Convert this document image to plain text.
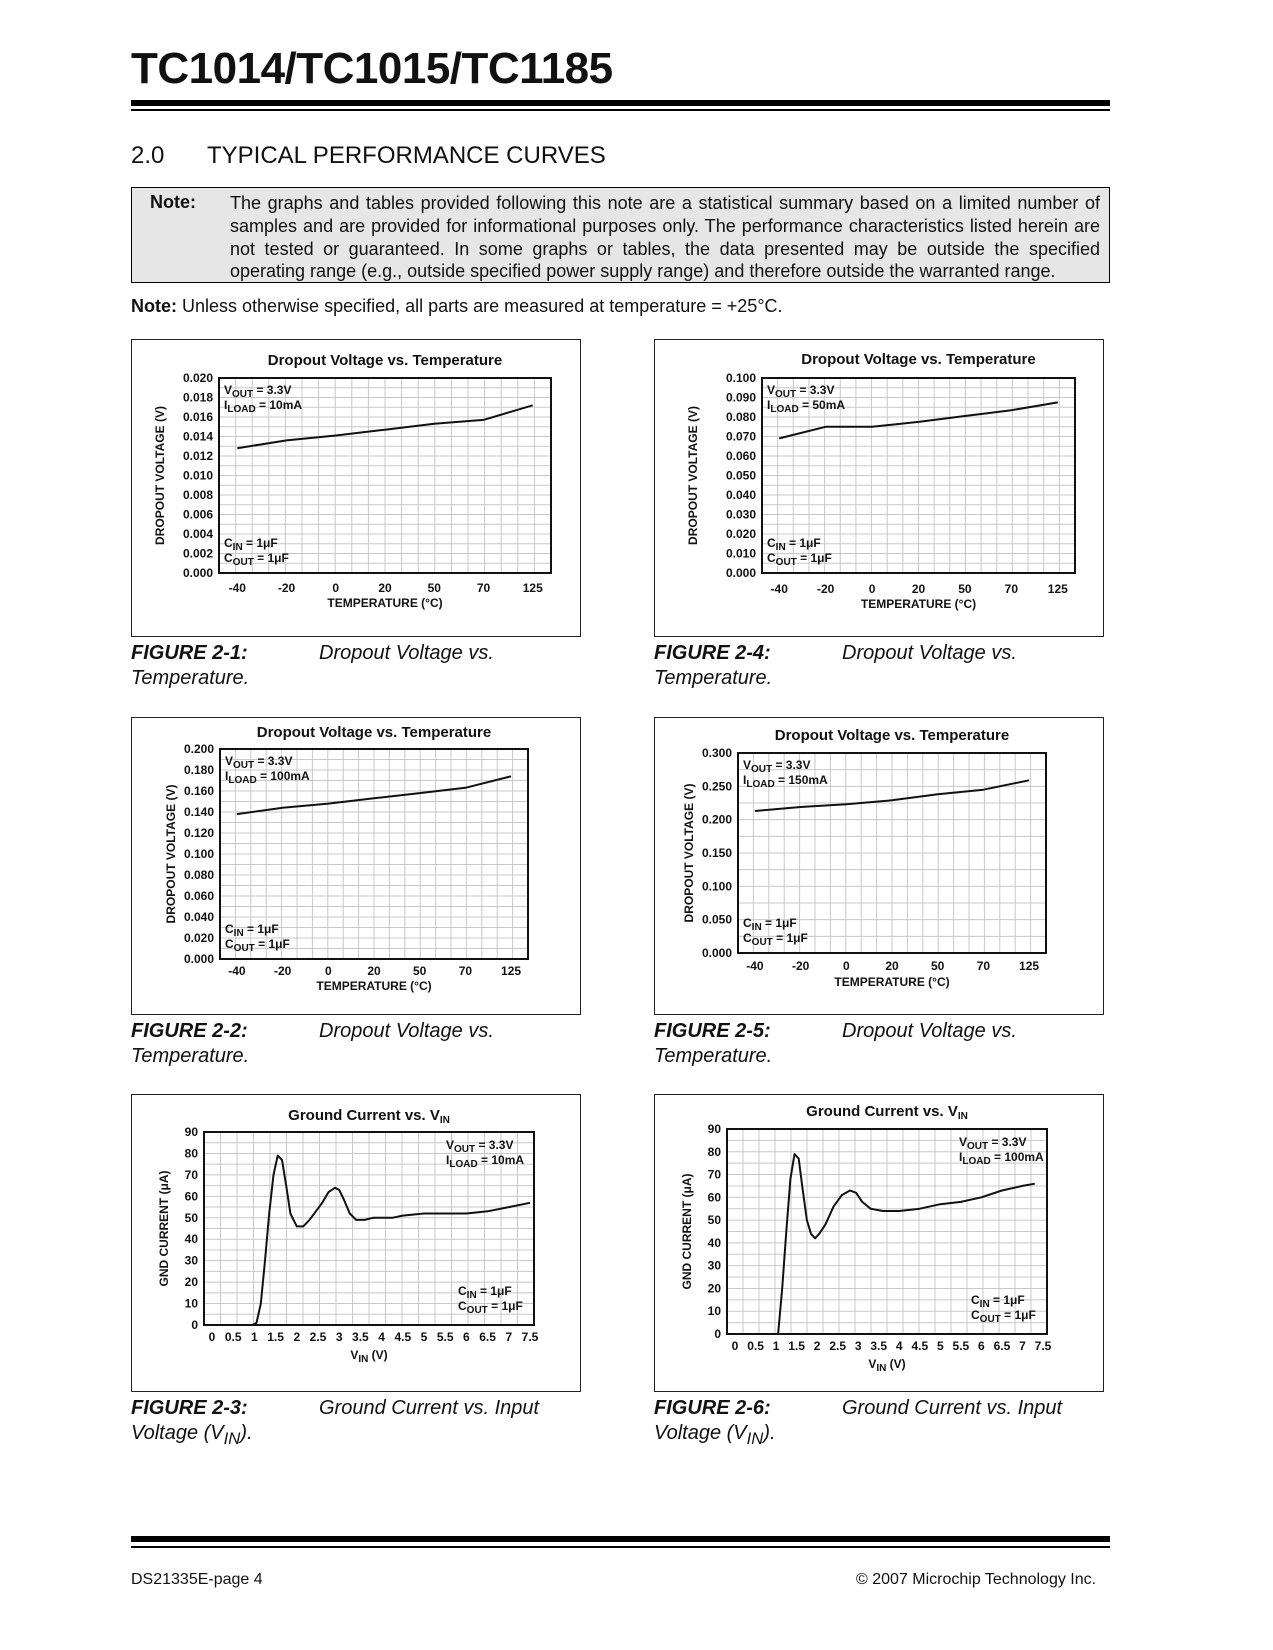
TC1014/TC1015/TC1185
2.0 TYPICAL PERFORMANCE CURVES
Note: The graphs and tables provided following this note are a statistical summary based on a limited number of samples and are provided for informational purposes only. The performance characteristics listed herein are not tested or guaranteed. In some graphs or tables, the data presented may be outside the specified operating range (e.g., outside specified power supply range) and therefore outside the warranted range.
Note: Unless otherwise specified, all parts are measured at temperature = +25°C.
Dropout Voltage vs. Temperature
0.000
0.002
0.004
0.006
0.008
0.010
0.012
0.014
0.016
0.018
0.020
DROPOUT VOLTAGE (V)
-40	-20	0	20	50	70	125
TEMPERATURE (°C)
$V_{OUT} = 3.3V$
$I_{LOAD} = 10mA$
$C_{IN} = 1\mu F$
$C_{OUT} = 1\mu F$
Dropout Voltage vs. Temperature
0.000
0.010
0.020
0.030
0.040
0.050
0.060
0.070
0.080
0.090
0.100
DROPOUT VOLTAGE (V)
-40 -20	0	20	50	70 125
TEMPERATURE (°C)
$V_{OUT} = 3.3V$
$I_{LOAD} = 50mA$
$C_{IN} = 1\mu F$
$C_{OUT} = 1\mu F$
Dropout Voltage vs. Temperature
0.000
0.020
0.040
0.060
0.080
0.100
0.120
0.140
0.160
0.180
0.200
DROPOUT VOLTAGE (V)
-40 -20	0	20	50	70 125
TEMPERATURE (°C)
$V_{OUT} = 3.3V$
$I_{LOAD} = 100mA$
$C_{IN} = 1\mu F$
$C_{OUT} = 1\mu F$
Dropout Voltage vs. Temperature
0.000
0.050
0.100
0.150
0.200
0.250
0.300
DROPOUT VOLTAGE (V)
-40 -20	0	20	50	70 125
TEMPERATURE (°C)
$V_{OUT} = 3.3V$
$I_{LOAD} = 150mA$
$C_{IN} = 1\mu F$
$C_{OUT} = 1\mu F$
Ground Current vs. $V_{IN}$
0
10
20
30
40
50
60
70
80
90
GND CURRENT (μA)
0 0.5 1 1.5 2 2.5 3 3.5 4 4.5 5 5.5 6 6.5 7 7.5
$V_{IN}$ (V)
$V_{OUT} = 3.3V$
$I_{LOAD} = 10mA$
$C_{IN} = 1\mu F$
$C_{OUT} = 1\mu F$
Ground Current vs. $V_{IN}$
0
10
20
30
40
50
60
70
80
90
GND CURRENT (μA)
0 0.5 1 1.5 2 2.5 3 3.5 4 4.5 5 5.5 6 6.5 7 7.5
$V_{IN}$ (V)
$V_{OUT} = 3.3V$
$I_{LOAD} = 100mA$
$C_{IN} = 1\mu F$
$C_{OUT} = 1\mu F$
FIGURE 2-1:	Dropout Voltage vs.
Temperature.
FIGURE 2-4:	Dropout Voltage vs.
Temperature.
FIGURE 2-2:	Dropout Voltage vs.
Temperature.
FIGURE 2-5:	Dropout Voltage vs.
Temperature.
FIGURE 2-3:	Ground Current vs. Input
Voltage $(V_{IN})$.
FIGURE 2-6:	Ground Current vs. Input
Voltage $(V_{IN})$.
DS21335E-page 4	© 2007 Microchip Technology Inc.
